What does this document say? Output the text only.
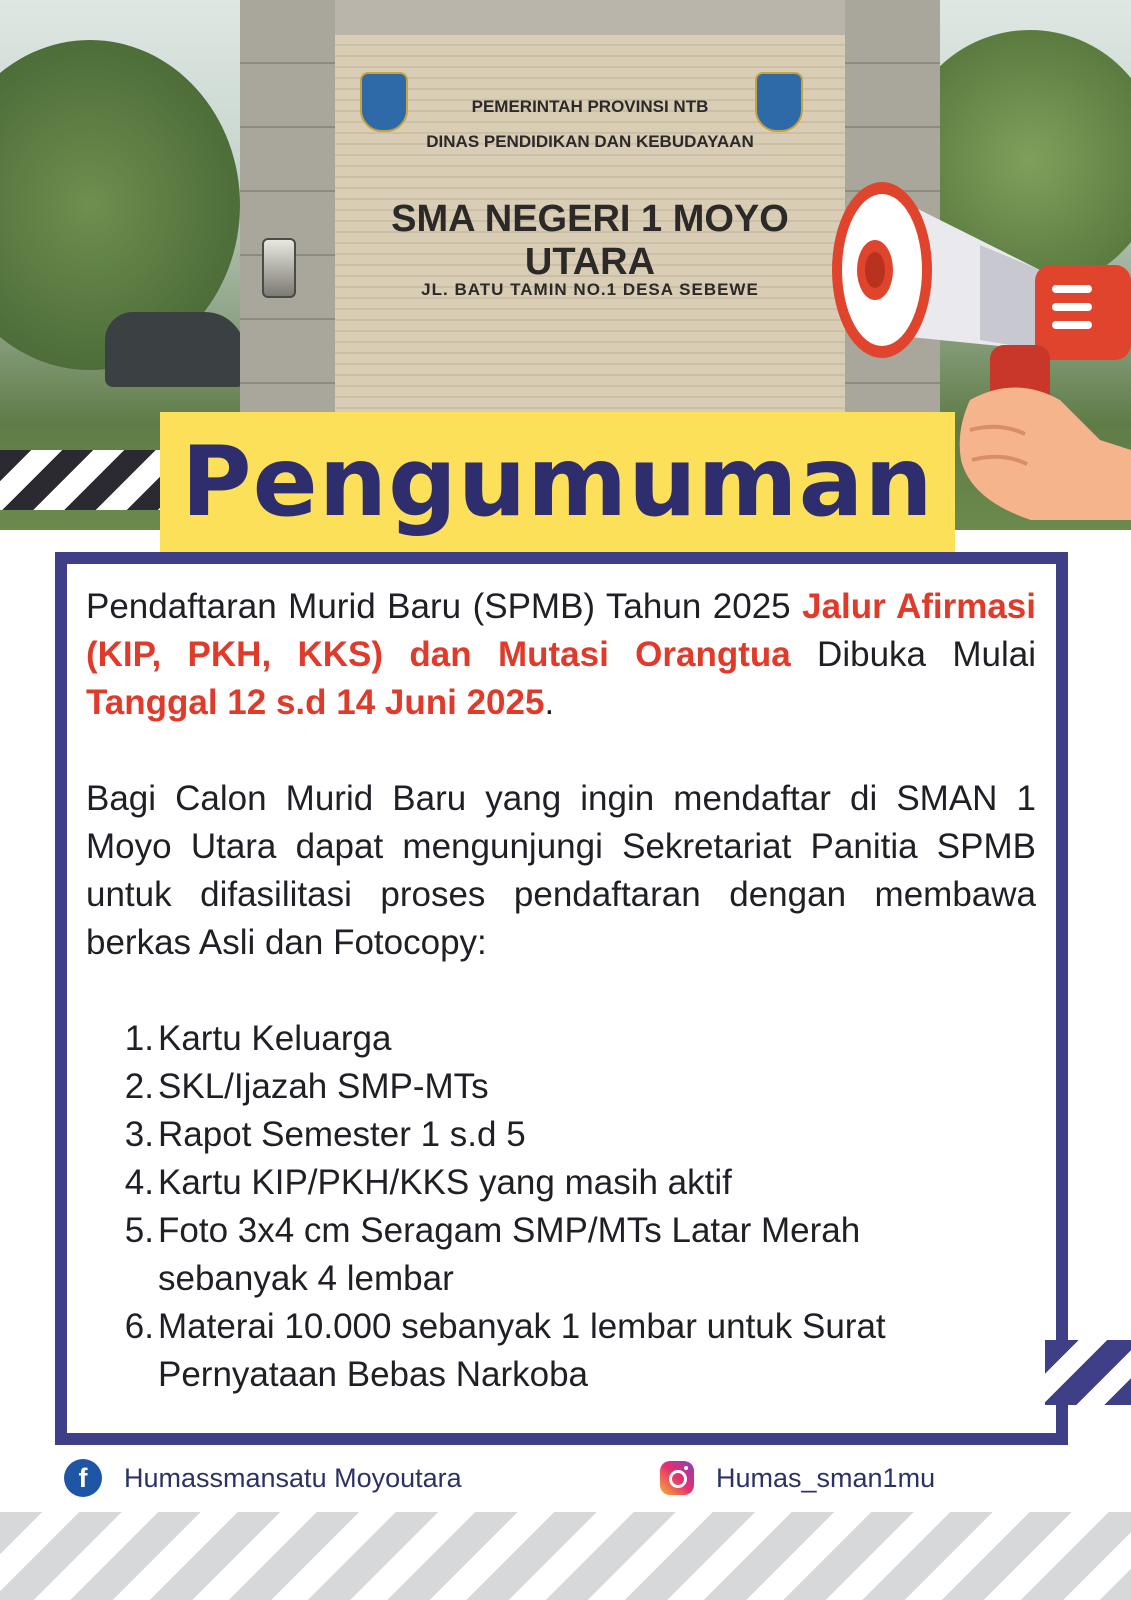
PEMERINTAH PROVINSI NTB

DINAS PENDIDIKAN DAN KEBUDAYAAN

SMA NEGERI 1 MOYO UTARA

JL. BATU TAMIN NO.1 DESA SEBEWE

Pengumuman

Pendaftaran Murid Baru (SPMB) Tahun 2025 Jalur Afirmasi (KIP, PKH, KKS) dan Mutasi Orangtua Dibuka Mulai Tanggal 12 s.d 14 Juni 2025.

Bagi Calon Murid Baru yang ingin mendaftar di SMAN 1 Moyo Utara dapat mengunjungi Sekretariat Panitia SPMB untuk difasilitasi proses pendaftaran dengan membawa berkas Asli dan Fotocopy:

1. Kartu Keluarga
2. SKL/Ijazah SMP-MTs
3. Rapot Semester 1 s.d 5
4. Kartu KIP/PKH/KKS yang masih aktif
5. Foto 3x4 cm Seragam SMP/MTs Latar Merah sebanyak 4 lembar
6. Materai 10.000 sebanyak 1 lembar untuk Surat Pernyataan Bebas Narkoba
f	Humassmansatu Moyoutara	Humas_sman1mu
